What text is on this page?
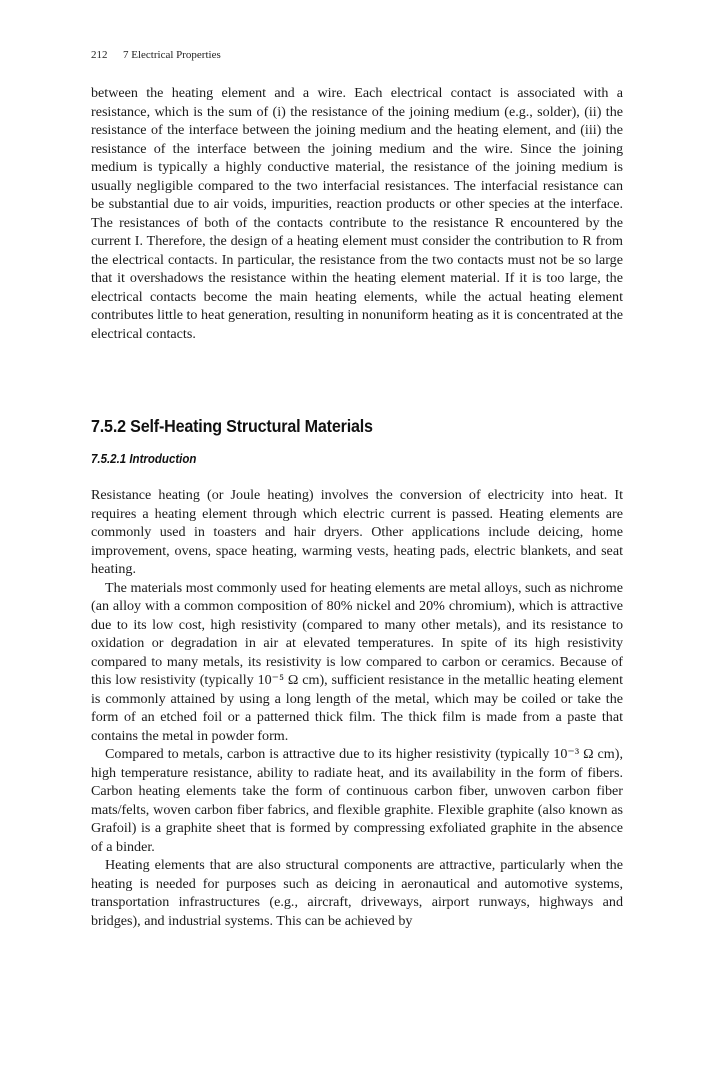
212 7 Electrical Properties

between the heating element and a wire. Each electrical contact is associated with a resistance, which is the sum of (i) the resistance of the joining medium (e.g., solder), (ii) the resistance of the interface between the joining medium and the heating element, and (iii) the resistance of the interface between the joining medium and the wire. Since the joining medium is typically a highly conductive material, the resistance of the joining medium is usually negligible compared to the two interfacial resistances. The interfacial resistance can be substantial due to air voids, impurities, reaction products or other species at the interface. The resistances of both of the contacts contribute to the resistance R encountered by the current I. Therefore, the design of a heating element must consider the contribution to R from the electrical contacts. In particular, the resistance from the two contacts must not be so large that it overshadows the resistance within the heating element material. If it is too large, the electrical contacts become the main heating elements, while the actual heating element contributes little to heat generation, resulting in nonuniform heating as it is concentrated at the electrical contacts.

7.5.2 Self-Heating Structural Materials
7.5.2.1 Introduction

Resistance heating (or Joule heating) involves the conversion of electricity into heat. It requires a heating element through which electric current is passed. Heating elements are commonly used in toasters and hair dryers. Other applications include deicing, home improvement, ovens, space heating, warming vests, heating pads, electric blankets, and seat heating.

The materials most commonly used for heating elements are metal alloys, such as nichrome (an alloy with a common composition of 80% nickel and 20% chromium), which is attractive due to its low cost, high resistivity (compared to many other metals), and its resistance to oxidation or degradation in air at elevated temperatures. In spite of its high resistivity compared to many metals, its resistivity is low compared to carbon or ceramics. Because of this low resistivity (typically 10⁻⁵ Ω cm), sufficient resistance in the metallic heating element is commonly attained by using a long length of the metal, which may be coiled or take the form of an etched foil or a patterned thick film. The thick film is made from a paste that contains the metal in powder form.

Compared to metals, carbon is attractive due to its higher resistivity (typically 10⁻³ Ω cm), high temperature resistance, ability to radiate heat, and its availability in the form of fibers. Carbon heating elements take the form of continuous carbon fiber, unwoven carbon fiber mats/felts, woven carbon fiber fabrics, and flexible graphite. Flexible graphite (also known as Grafoil) is a graphite sheet that is formed by compressing exfoliated graphite in the absence of a binder.

Heating elements that are also structural components are attractive, particularly when the heating is needed for purposes such as deicing in aeronautical and automotive systems, transportation infrastructures (e.g., aircraft, driveways, airport runways, highways and bridges), and industrial systems. This can be achieved by
